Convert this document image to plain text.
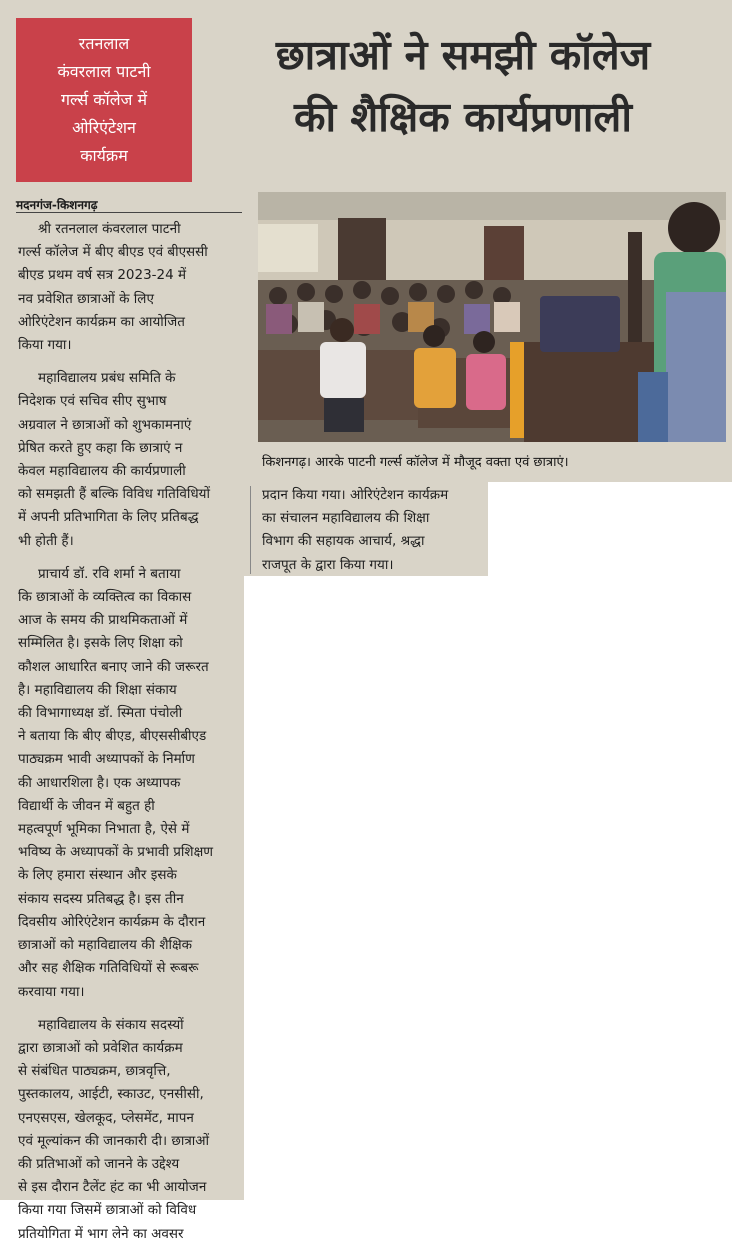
रतनलाल
कंवरलाल पाटनी
गर्ल्स कॉलेज में
ओरिएंटेशन
कार्यक्रम
छात्राओं ने समझी कॉलेज
की शैक्षिक कार्यप्रणाली
मदनगंज-किशनगढ़
श्री रतनलाल कंवरलाल पाटनी
गर्ल्स कॉलेज में बीए बीएड एवं बीएससी
बीएड प्रथम वर्ष सत्र 2023-24 में
नव प्रवेशित छात्राओं के लिए
ओरिएंटेशन कार्यक्रम का आयोजित
किया गया।
महाविद्यालय प्रबंध समिति के
निदेशक एवं सचिव सीए सुभाष
अग्रवाल ने छात्राओं को शुभकामनाएं
प्रेषित करते हुए कहा कि छात्राएं न
केवल महाविद्यालय की कार्यप्रणाली
को समझती हैं बल्कि विविध गतिविधियों
में अपनी प्रतिभागिता के लिए प्रतिबद्ध
भी होती हैं।
प्राचार्य डॉ. रवि शर्मा ने बताया
कि छात्राओं के व्यक्तित्व का विकास
आज के समय की प्राथमिकताओं में
सम्मिलित है। इसके लिए शिक्षा को
कौशल आधारित बनाए जाने की जरूरत
है। महाविद्यालय की शिक्षा संकाय
की विभागाध्यक्ष डॉ. स्मिता पंचोली
ने बताया कि बीए बीएड, बीएससीबीएड
पाठ्यक्रम भावी अध्यापकों के निर्माण
की आधारशिला है। एक अध्यापक
विद्यार्थी के जीवन में बहुत ही
महत्वपूर्ण भूमिका निभाता है, ऐसे में
भविष्य के अध्यापकों के प्रभावी प्रशिक्षण
के लिए हमारा संस्थान और इसके
संकाय सदस्य प्रतिबद्ध है। इस तीन
दिवसीय ओरिएंटेशन कार्यक्रम के दौरान
छात्राओं को महाविद्यालय की शैक्षिक
और सह शैक्षिक गतिविधियों से रूबरू
करवाया गया।
महाविद्यालय के संकाय सदस्यों
द्वारा छात्राओं को प्रवेशित कार्यक्रम
से संबंधित पाठ्यक्रम, छात्रवृत्ति,
पुस्तकालय, आईटी, स्काउट, एनसीसी,
एनएसएस, खेलकूद, प्लेसमेंट, मापन
एवं मूल्यांकन की जानकारी दी। छात्राओं
की प्रतिभाओं को जानने के उद्देश्य
से इस दौरान टैलेंट हंट का भी आयोजन
किया गया जिसमें छात्राओं को विविध
प्रतियोगिता में भाग लेने का अवसर
किशनगढ़। आरके पाटनी गर्ल्स कॉलेज में मौजूद वक्ता एवं छात्राएं।
प्रदान किया गया। ओरिएंटेशन कार्यक्रम
का संचालन महाविद्यालय की शिक्षा
विभाग की सहायक आचार्य, श्रद्धा
राजपूत के द्वारा किया गया।
